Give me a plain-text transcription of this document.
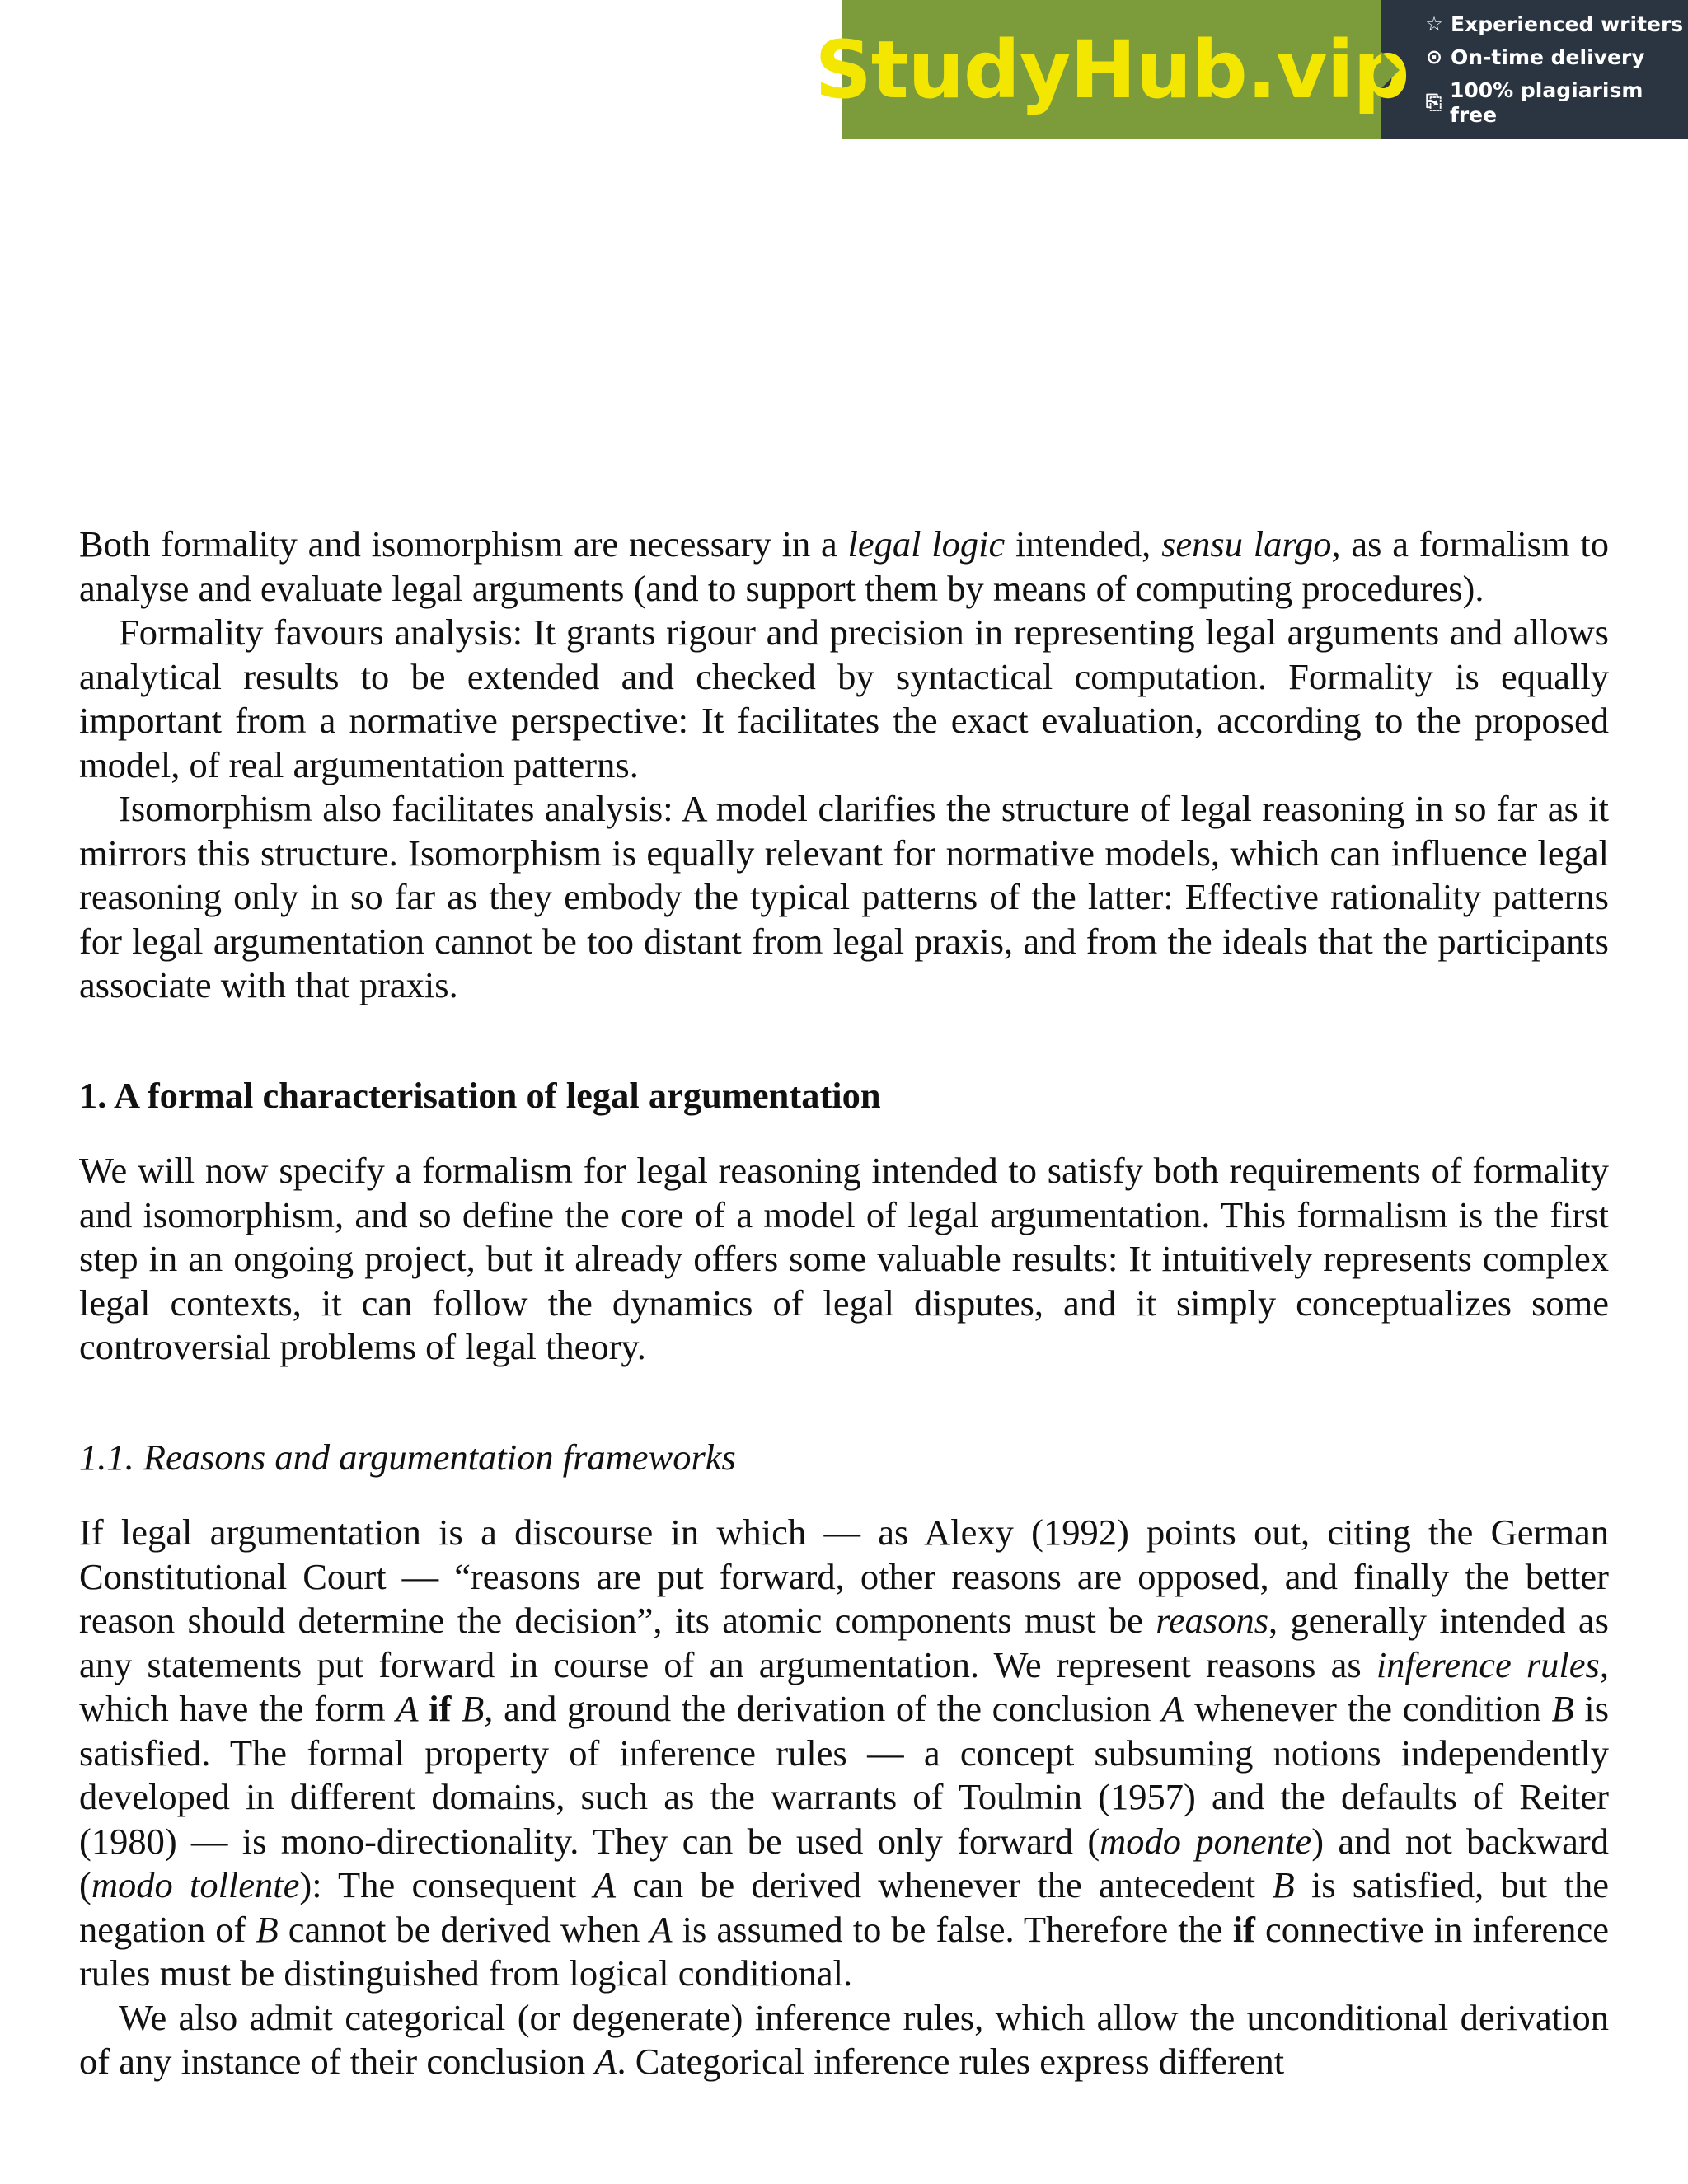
StudyHub.vip ☆ Experienced writers
⊙ On-time delivery
⎘
100% plagiarism free

Both formality and isomorphism are necessary in a legal logic intended, sensu largo, as a formalism to analyse and evaluate legal arguments (and to support them by means of computing procedures).

Formality favours analysis: It grants rigour and precision in representing legal arguments and allows analytical results to be extended and checked by syntactical computation. Formality is equally important from a normative perspective: It facilitates the exact evaluation, according to the proposed model, of real argumentation patterns.

Isomorphism also facilitates analysis: A model clarifies the structure of legal reasoning in so far as it mirrors this structure. Isomorphism is equally relevant for normative models, which can influence legal reasoning only in so far as they embody the typical patterns of the latter: Effective rationality patterns for legal argumentation cannot be too distant from legal praxis, and from the ideals that the participants associate with that praxis.

1. A formal characterisation of legal argumentation

We will now specify a formalism for legal reasoning intended to satisfy both requirements of formality and isomorphism, and so define the core of a model of legal argumentation. This formalism is the first step in an ongoing project, but it already offers some valuable results: It intuitively represents complex legal contexts, it can follow the dynamics of legal disputes, and it simply conceptualizes some controversial problems of legal theory.

1.1. Reasons and argumentation frameworks

If legal argumentation is a discourse in which — as Alexy (1992) points out, citing the German Constitutional Court — “reasons are put forward, other reasons are opposed, and finally the better reason should determine the decision”, its atomic components must be reasons, generally intended as any statements put forward in course of an argumentation. We represent reasons as inference rules, which have the form A if B, and ground the derivation of the conclusion A whenever the condition B is satisfied. The formal property of inference rules — a concept subsuming notions independently developed in different domains, such as the warrants of Toulmin (1957) and the defaults of Reiter (1980) — is mono-directionality. They can be used only forward (modo ponente) and not backward (modo tollente): The consequent A can be derived whenever the antecedent B is satisfied, but the negation of B cannot be derived when A is assumed to be false. Therefore the if connective in inference rules must be distinguished from logical conditional.

We also admit categorical (or degenerate) inference rules, which allow the unconditional derivation of any instance of their conclusion A. Categorical inference rules express different
